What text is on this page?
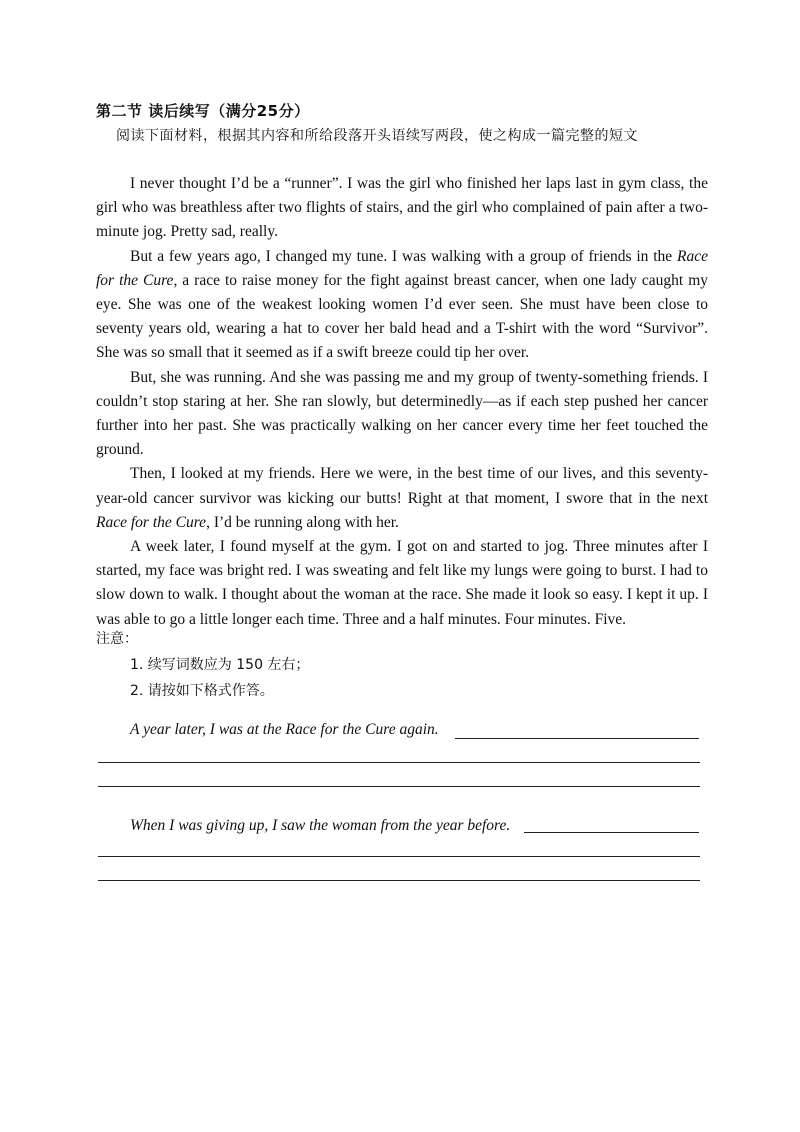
第二节 读后续写（满分25分）
阅读下面材料，根据其内容和所给段落开头语续写两段，使之构成一篇完整的短文

I never thought I’d be a “runner”. I was the girl who finished her laps last in gym class, the girl who was breathless after two flights of stairs, and the girl who complained of pain after a two-minute jog. Pretty sad, really.

But a few years ago, I changed my tune. I was walking with a group of friends in the Race for the Cure, a race to raise money for the fight against breast cancer, when one lady caught my eye. She was one of the weakest looking women I’d ever seen. She must have been close to seventy years old, wearing a hat to cover her bald head and a T-shirt with the word “Survivor”. She was so small that it seemed as if a swift breeze could tip her over.

But, she was running. And she was passing me and my group of twenty-something friends. I couldn’t stop staring at her. She ran slowly, but determinedly—as if each step pushed her cancer further into her past. She was practically walking on her cancer every time her feet touched the ground.

Then, I looked at my friends. Here we were, in the best time of our lives, and this seventy-year-old cancer survivor was kicking our butts! Right at that moment, I swore that in the next Race for the Cure, I’d be running along with her.

A week later, I found myself at the gym. I got on and started to jog. Three minutes after I started, my face was bright red. I was sweating and felt like my lungs were going to burst. I had to slow down to walk. I thought about the woman at the race. She made it look so easy. I kept it up. I was able to go a little longer each time. Three and a half minutes. Four minutes. Five.

注意：
1. 续写词数应为 150 左右；
2. 请按如下格式作答。
A year later, I was at the Race for the Cure again.
When I was giving up, I saw the woman from the year before.
